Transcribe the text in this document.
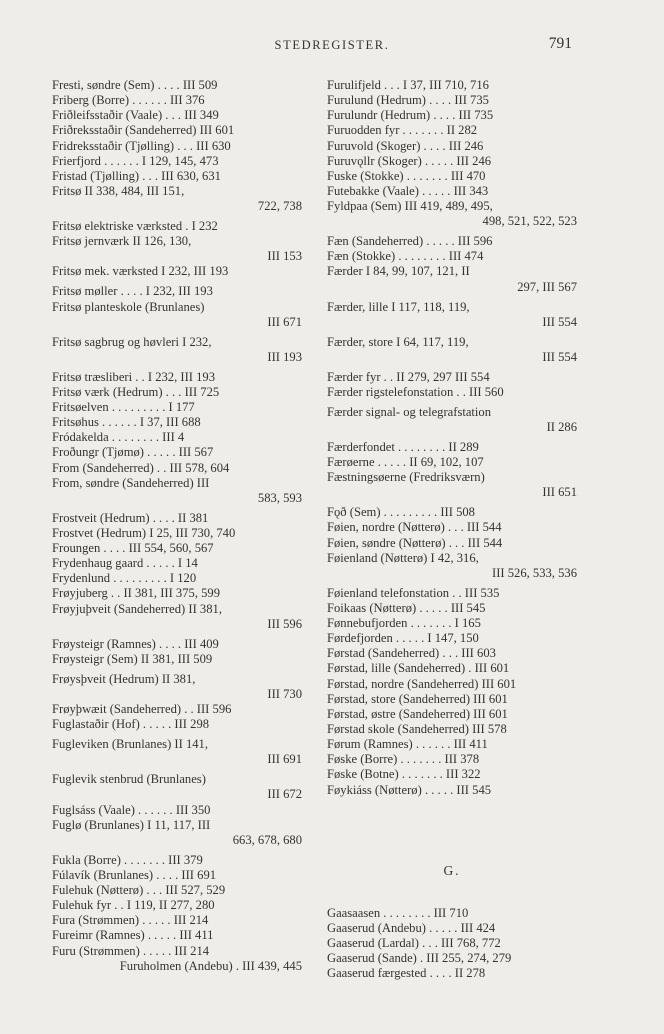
STEDREGISTER.	791
Fresti, søndre (Sem) . . . . III 509
Friberg (Borre) . . . . . . III 376
Friðleifsstaðir (Vaale) . . . III 349
Friðreksstaðir (Sandeherred) III 601
Fridreksstaðir (Tjølling) . . . III 630
Frierfjord . . . . . . I 129, 145, 473
Fristad (Tjølling) . . . III 630, 631
Fritsø II 338, 484, III 151,
722, 738
Fritsø elektriske værksted . I 232
Fritsø jernværk II 126, 130,
III 153
Fritsø mek. værksted I 232, III 193
Fritsø møller . . . . I 232, III 193
Fritsø planteskole (Brunlanes)
III 671
Fritsø sagbrug og høvleri I 232,
III 193
Fritsø træsliberi . . I 232, III 193
Fritsø værk (Hedrum) . . . III 725
Fritsøelven . . . . . . . . . I 177
Fritsøhus . . . . . . I 37, III 688
Fródakelda . . . . . . . . III 4
Froðungr (Tjømø) . . . . . III 567
From (Sandeherred) . . III 578, 604
From, søndre (Sandeherred) III
583, 593
Frostveit (Hedrum) . . . . II 381
Frostvet (Hedrum) I 25, III 730, 740
Froungen . . . . III 554, 560, 567
Frydenhaug gaard . . . . . I 14
Frydenlund . . . . . . . . . I 120
Frøyjuberg . . II 381, III 375, 599
Frøyjuþveit (Sandeherred) II 381,
III 596
Frøysteigr (Ramnes) . . . . III 409
Frøysteigr (Sem) II 381, III 509
Frøysþveit (Hedrum) II 381,
III 730
Frøyþwæit (Sandeherred) . . III 596
Fuglastaðir (Hof) . . . . . III 298
Fugleviken (Brunlanes) II 141,
III 691
Fuglevik stenbrud (Brunlanes)
III 672
Fuglsáss (Vaale) . . . . . . III 350
Fuglø (Brunlanes) I 11, 117, III
663, 678, 680
Fukla (Borre) . . . . . . . III 379
Fúlavík (Brunlanes) . . . . III 691
Fulehuk (Nøtterø) . . . III 527, 529
Fulehuk fyr . . I 119, II 277, 280
Fura (Strømmen) . . . . . III 214
Fureimr (Ramnes) . . . . . III 411
Furu (Strømmen) . . . . . III 214
Furuholmen (Andebu) . III 439, 445
Furulifjeld . . . I 37, III 710, 716
Furulund (Hedrum) . . . . III 735
Furulundr (Hedrum) . . . . III 735
Furuodden fyr . . . . . . . II 282
Furuvold (Skoger) . . . . III 246
Furuvǫllr (Skoger) . . . . . III 246
Fuske (Stokke) . . . . . . . III 470
Futebakke (Vaale) . . . . . III 343
Fyldpaa (Sem) III 419, 489, 495,
498, 521, 522, 523
Fæn (Sandeherred) . . . . . III 596
Fæn (Stokke) . . . . . . . . III 474
Færder I 84, 99, 107, 121, II
297, III 567
Færder, lille I 117, 118, 119,
III 554
Færder, store I 64, 117, 119,
III 554
Færder fyr . . II 279, 297 III 554
Færder rigstelefonstation . . III 560
Færder signal- og telegrafstation
II 286
Færderfondet . . . . . . . . II 289
Færøerne . . . . . II 69, 102, 107
Fæstningsøerne (Fredriksværn)
III 651
Fǫð (Sem) . . . . . . . . . III 508
Føien, nordre (Nøtterø) . . . III 544
Føien, søndre (Nøtterø) . . . III 544
Føienland (Nøtterø) I 42, 316,
III 526, 533, 536
Føienland telefonstation . . III 535
Foikaas (Nøtterø) . . . . . III 545
Fønnebufjorden . . . . . . . I 165
Førdefjorden . . . . . I 147, 150
Førstad (Sandeherred) . . . III 603
Førstad, lille (Sandeherred) . III 601
Førstad, nordre (Sandeherred) III 601
Førstad, store (Sandeherred) III 601
Førstad, østre (Sandeherred) III 601
Førstad skole (Sandeherred) III 578
Førum (Ramnes) . . . . . . III 411
Føske (Borre) . . . . . . . III 378
Føske (Botne) . . . . . . . III 322
Føykiáss (Nøtterø) . . . . . III 545
G.
Gaasaasen . . . . . . . . III 710
Gaaserud (Andebu) . . . . . III 424
Gaaserud (Lardal) . . . III 768, 772
Gaaserud (Sande) . III 255, 274, 279
Gaaserud færgested . . . . II 278
